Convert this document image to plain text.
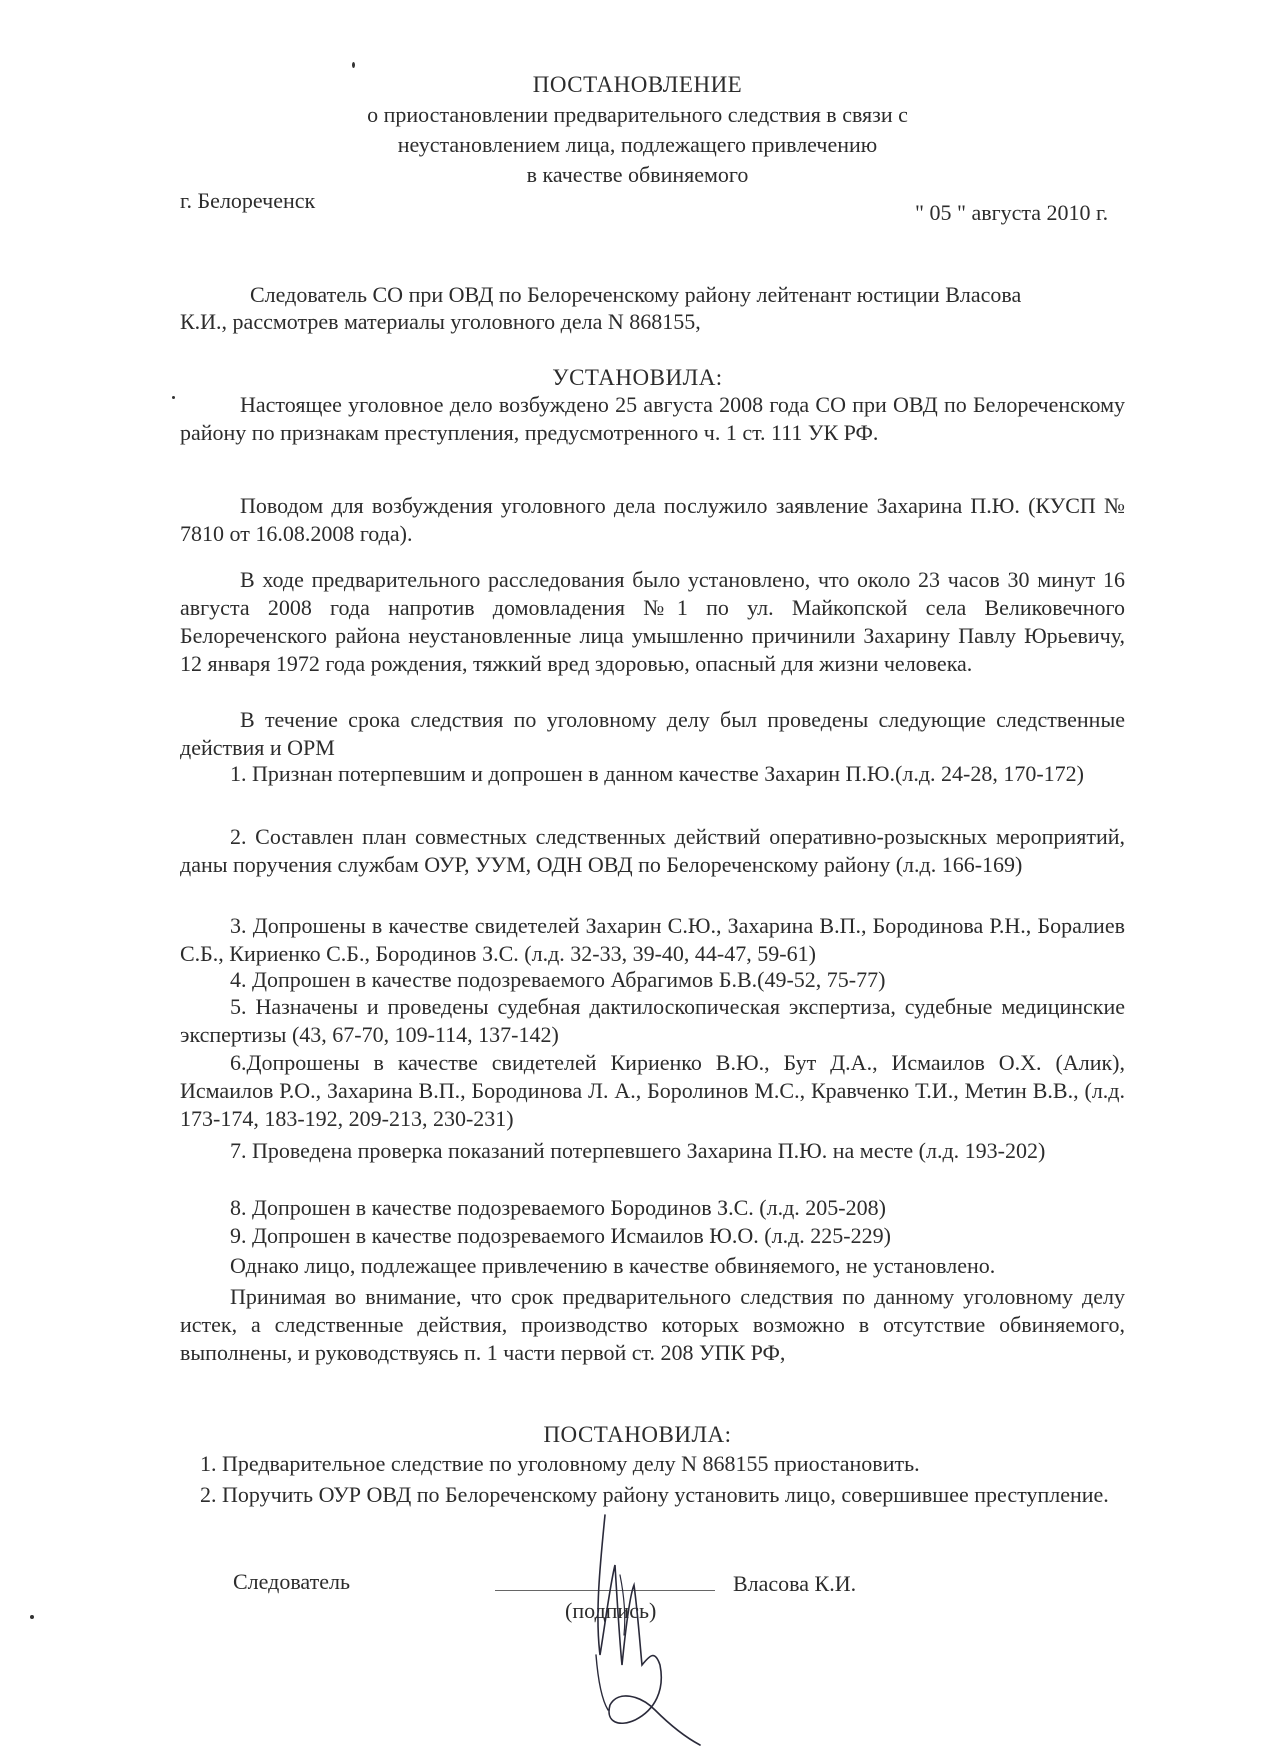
ПОСТАНОВЛЕНИЕ
о приостановлении предварительного следствия в связи с
неустановлением лица, подлежащего привлечению
в качестве обвиняемого
г. Белореченск	" 05 " августа 2010 г.
Следователь СО при ОВД по Белореченскому району лейтенант юстиции Власова
К.И., рассмотрев материалы уголовного дела N 868155,
УСТАНОВИЛА:
Настоящее уголовное дело возбуждено 25 августа 2008 года СО при ОВД по Белореченскому району по признакам преступления, предусмотренного ч. 1 ст. 111 УК РФ.
Поводом для возбуждения уголовного дела послужило заявление Захарина П.Ю. (КУСП № 7810 от 16.08.2008 года).
В ходе предварительного расследования было установлено, что около 23 часов 30 минут 16 августа 2008 года напротив домовладения №1 по ул. Майкопской села Великовечного Белореченского района неустановленные лица умышленно причинили Захарину Павлу Юрьевичу, 12 января 1972 года рождения, тяжкий вред здоровью, опасный для жизни человека.
В течение срока следствия по уголовному делу был проведены следующие следственные действия и ОРМ
1. Признан потерпевшим и допрошен в данном качестве Захарин П.Ю.(л.д. 24-28, 170-172)
2. Составлен план совместных следственных действий оперативно-розыскных мероприятий, даны поручения службам ОУР, УУМ, ОДН ОВД по Белореченскому району (л.д. 166-169)
3. Допрошены в качестве свидетелей Захарин С.Ю., Захарина В.П., Бородинова Р.Н., Боралиев С.Б., Кириенко С.Б., Бородинов З.С. (л.д. 32-33, 39-40, 44-47, 59-61)
4. Допрошен в качестве подозреваемого Абрагимов Б.В.(49-52, 75-77)
5. Назначены и проведены судебная дактилоскопическая экспертиза, судебные медицинские экспертизы (43, 67-70, 109-114, 137-142)
6.Допрошены в качестве свидетелей Кириенко В.Ю., Бут Д.А., Исмаилов О.Х. (Алик), Исмаилов Р.О., Захарина В.П., Бородинова Л. А., Боролинов М.С., Кравченко Т.И., Метин В.В., (л.д. 173-174, 183-192, 209-213, 230-231)
7. Проведена проверка показаний потерпевшего Захарина П.Ю. на месте (л.д. 193-202)
8. Допрошен в качестве подозреваемого Бородинов З.С. (л.д. 205-208)
9. Допрошен в качестве подозреваемого Исмаилов Ю.О. (л.д. 225-229)
Однако лицо, подлежащее привлечению в качестве обвиняемого, не установлено.
Принимая во внимание, что срок предварительного следствия по данному уголовному делу истек, а следственные действия, производство которых возможно в отсутствие обвиняемого, выполнены, и руководствуясь п. 1 части первой ст. 208 УПК РФ,
ПОСТАНОВИЛА:
1. Предварительное следствие по уголовному делу N 868155 приостановить.
2. Поручить ОУР ОВД по Белореченскому району установить лицо, совершившее преступление.
Следователь	Власова К.И.
(подпись)
